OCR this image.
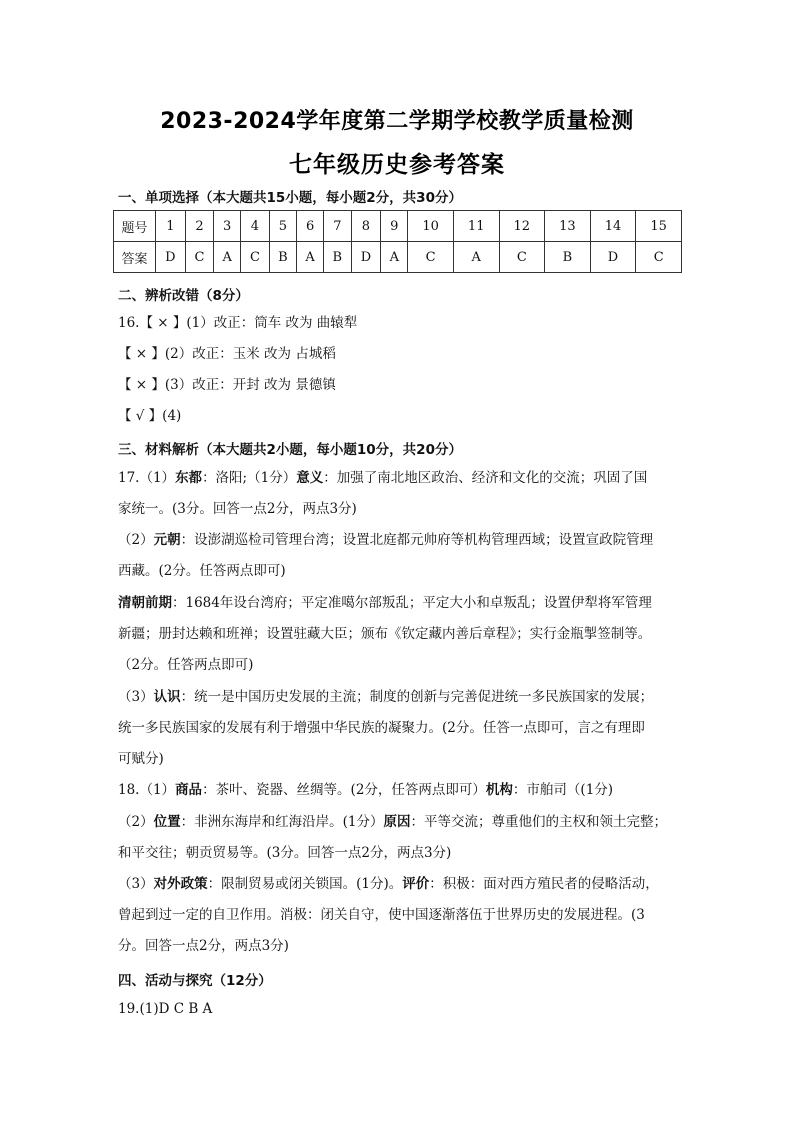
2023-2024学年度第二学期学校教学质量检测
七年级历史参考答案
一、单项选择（本大题共15小题，每小题2分，共30分）
题号	1	2	3	4	5	6	7	8	9	10	11	12	13	14	15
答案	D	C	A	C	B	A	B	D	A	C	A	C	B	D	C
二、辨析改错（8分）
16.【 × 】(1）改正：筒车 改为 曲辕犁
【 × 】(2）改正：玉米 改为 占城稻
【 × 】(3）改正：开封 改为 景德镇
【 √ 】(4)
三、材料解析（本大题共2小题，每小题10分，共20分）
17.（1）东都：洛阳;（1分）意义：加强了南北地区政治、经济和文化的交流；巩固了国
家统一。(3分。回答一点2分，两点3分)
（2）元朝：设澎湖巡检司管理台湾；设置北庭都元帅府等机构管理西域；设置宣政院管理
西藏。(2分。任答两点即可)
清朝前期：1684年设台湾府；平定准噶尔部叛乱；平定大小和卓叛乱；设置伊犁将军管理
新疆；册封达赖和班禅；设置驻藏大臣；颁布《钦定藏内善后章程》；实行金瓶掣签制等。
（2分。任答两点即可)
（3）认识：统一是中国历史发展的主流；制度的创新与完善促进统一多民族国家的发展；
统一多民族国家的发展有利于增强中华民族的凝聚力。(2分。任答一点即可，言之有理即
可赋分)
18.（1）商品：茶叶、瓷器、丝绸等。(2分，任答两点即可）机构：市舶司（(1分)
（2）位置：非洲东海岸和红海沿岸。(1分）原因：平等交流；尊重他们的主权和领土完整；
和平交往；朝贡贸易等。(3分。回答一点2分，两点3分)
（3）对外政策：限制贸易或闭关锁国。(1分)。评价：积极：面对西方殖民者的侵略活动，
曾起到过一定的自卫作用。消极：闭关自守，使中国逐渐落伍于世界历史的发展进程。(3
分。回答一点2分，两点3分)
四、活动与探究（12分）
19.(1)D C B A
